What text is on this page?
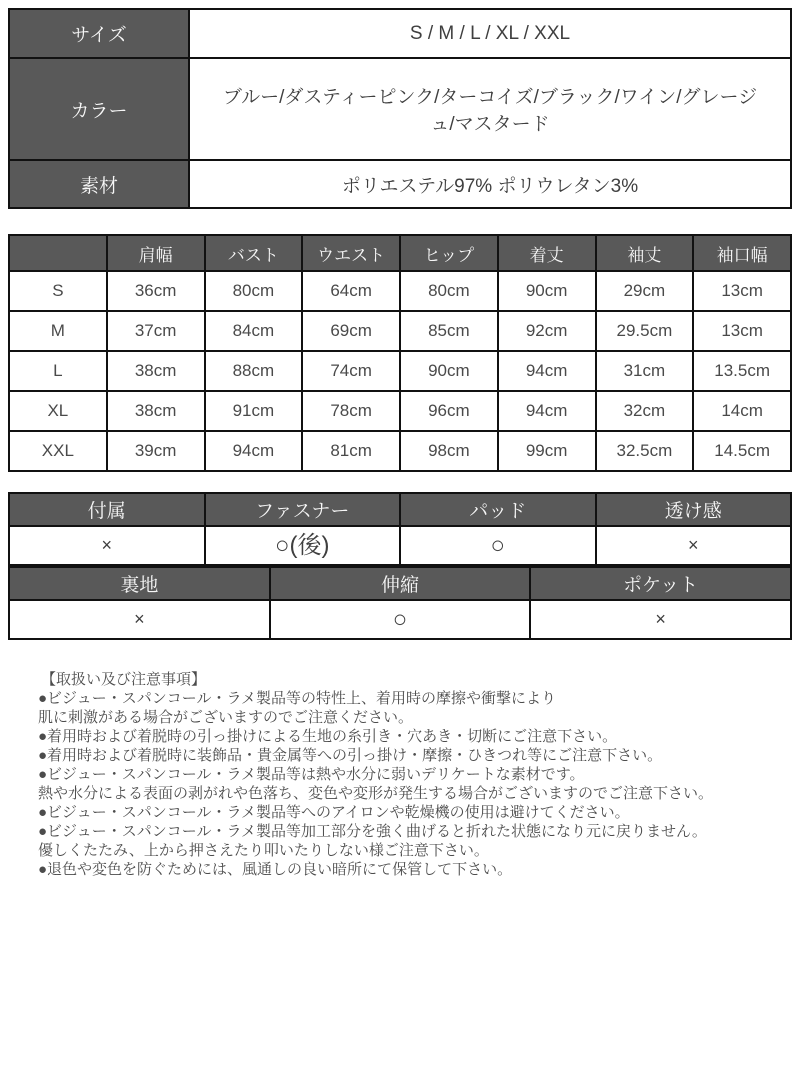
サイズ	S / M / L / XL / XXL
カラー	ブルー/ダスティーピンク/ターコイズ/ブラック/ワイン/グレージュ/マスタード
素材	ポリエステル97% ポリウレタン3%
	肩幅	バスト	ウエスト	ヒップ	着丈	袖丈	袖口幅
S	36cm	80cm	64cm	80cm	90cm	29cm	13cm
M	37cm	84cm	69cm	85cm	92cm	29.5cm	13cm
L	38cm	88cm	74cm	90cm	94cm	31cm	13.5cm
XL	38cm	91cm	78cm	96cm	94cm	32cm	14cm
XXL	39cm	94cm	81cm	98cm	99cm	32.5cm	14.5cm
付属	ファスナー	パッド	透け感
×	○(後)	○	×
裏地	伸縮	ポケット
×	○	×
【取扱い及び注意事項】
●ビジュー・スパンコール・ラメ製品等の特性上、着用時の摩擦や衝撃により
肌に刺激がある場合がございますのでご注意ください。
●着用時および着脱時の引っ掛けによる生地の糸引き・穴あき・切断にご注意下さい。
●着用時および着脱時に装飾品・貴金属等への引っ掛け・摩擦・ひきつれ等にご注意下さい。
●ビジュー・スパンコール・ラメ製品等は熱や水分に弱いデリケートな素材です。
熱や水分による表面の剥がれや色落ち、変色や変形が発生する場合がございますのでご注意下さい。
●ビジュー・スパンコール・ラメ製品等へのアイロンや乾燥機の使用は避けてください。
●ビジュー・スパンコール・ラメ製品等加工部分を強く曲げると折れた状態になり元に戻りません。
優しくたたみ、上から押さえたり叩いたりしない様ご注意下さい。
●退色や変色を防ぐためには、風通しの良い暗所にて保管して下さい。
